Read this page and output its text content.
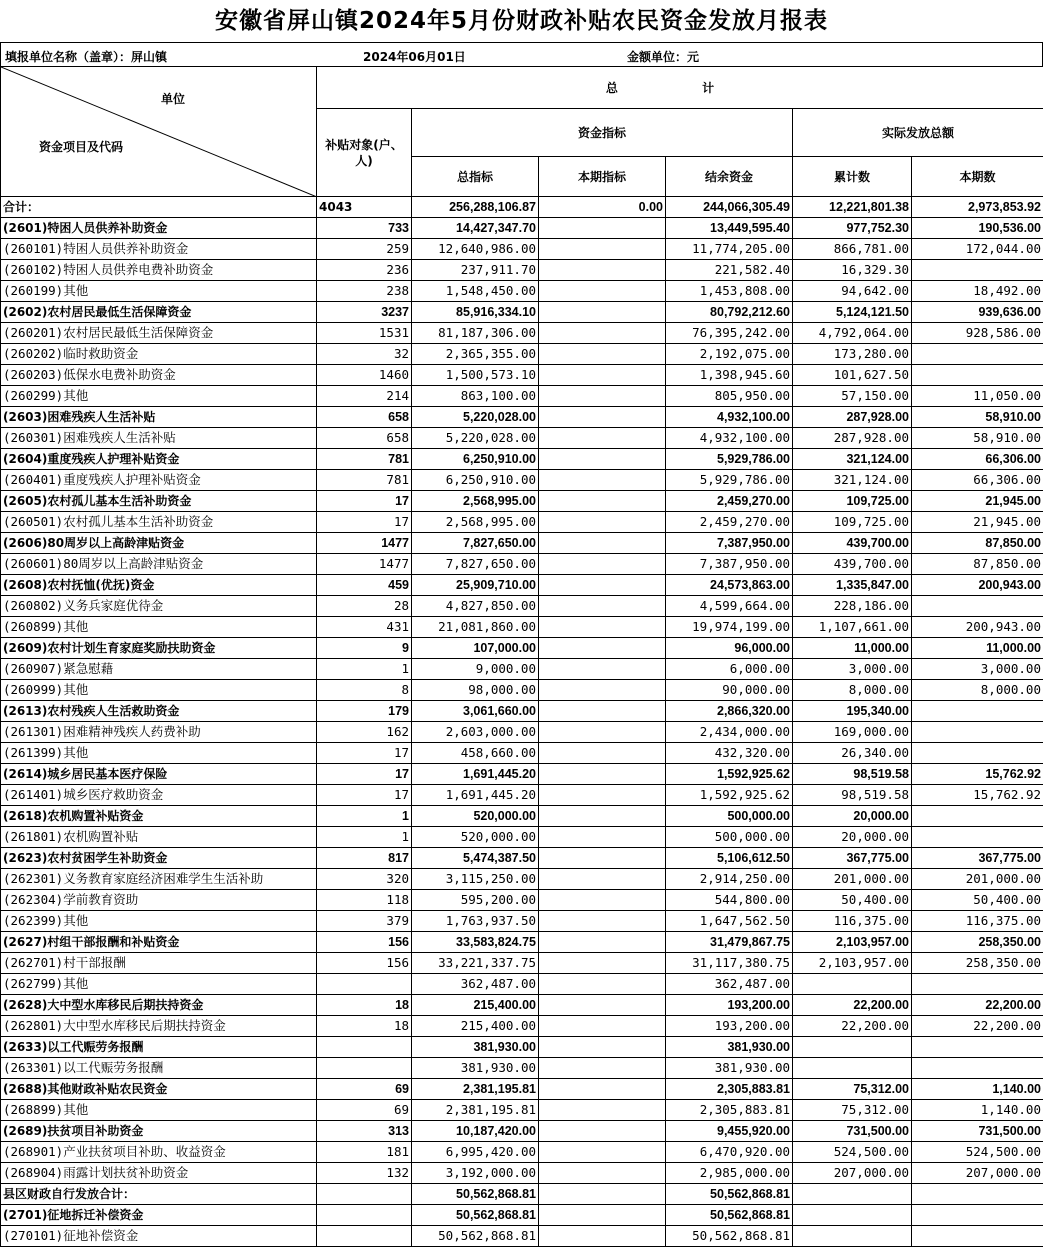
安徽省屏山镇2024年5月份财政补贴农民资金发放月报表
填报单位名称（盖章）：屏山镇	2024年06月01日	金额单位：元
单位
资金项目及代码	总 计					
	补贴对象(户、人)	资金指标			实际发放总额	
		总指标	本期指标	结余资金	累计数	本期数
合计：	4043	256,288,106.87	0.00	244,066,305.49	12,221,801.38	2,973,853.92
(2601)特困人员供养补助资金	733	14,427,347.70		13,449,595.40	977,752.30	190,536.00
(260101)特困人员供养补助资金	259	12,640,986.00		11,774,205.00	866,781.00	172,044.00
(260102)特困人员供养电费补助资金	236	237,911.70		221,582.40	16,329.30	
(260199)其他	238	1,548,450.00		1,453,808.00	94,642.00	18,492.00
(2602)农村居民最低生活保障资金	3237	85,916,334.10		80,792,212.60	5,124,121.50	939,636.00
(260201)农村居民最低生活保障资金	1531	81,187,306.00		76,395,242.00	4,792,064.00	928,586.00
(260202)临时救助资金	32	2,365,355.00		2,192,075.00	173,280.00	
(260203)低保水电费补助资金	1460	1,500,573.10		1,398,945.60	101,627.50	
(260299)其他	214	863,100.00		805,950.00	57,150.00	11,050.00
(2603)困难残疾人生活补贴	658	5,220,028.00		4,932,100.00	287,928.00	58,910.00
(260301)困难残疾人生活补贴	658	5,220,028.00		4,932,100.00	287,928.00	58,910.00
(2604)重度残疾人护理补贴资金	781	6,250,910.00		5,929,786.00	321,124.00	66,306.00
(260401)重度残疾人护理补贴资金	781	6,250,910.00		5,929,786.00	321,124.00	66,306.00
(2605)农村孤儿基本生活补助资金	17	2,568,995.00		2,459,270.00	109,725.00	21,945.00
(260501)农村孤儿基本生活补助资金	17	2,568,995.00		2,459,270.00	109,725.00	21,945.00
(2606)80周岁以上高龄津贴资金	1477	7,827,650.00		7,387,950.00	439,700.00	87,850.00
(260601)80周岁以上高龄津贴资金	1477	7,827,650.00		7,387,950.00	439,700.00	87,850.00
(2608)农村抚恤(优抚)资金	459	25,909,710.00		24,573,863.00	1,335,847.00	200,943.00
(260802)义务兵家庭优待金	28	4,827,850.00		4,599,664.00	228,186.00	
(260899)其他	431	21,081,860.00		19,974,199.00	1,107,661.00	200,943.00
(2609)农村计划生育家庭奖励扶助资金	9	107,000.00		96,000.00	11,000.00	11,000.00
(260907)紧急慰藉	1	9,000.00		6,000.00	3,000.00	3,000.00
(260999)其他	8	98,000.00		90,000.00	8,000.00	8,000.00
(2613)农村残疾人生活救助资金	179	3,061,660.00		2,866,320.00	195,340.00	
(261301)困难精神残疾人药费补助	162	2,603,000.00		2,434,000.00	169,000.00	
(261399)其他	17	458,660.00		432,320.00	26,340.00	
(2614)城乡居民基本医疗保险	17	1,691,445.20		1,592,925.62	98,519.58	15,762.92
(261401)城乡医疗救助资金	17	1,691,445.20		1,592,925.62	98,519.58	15,762.92
(2618)农机购置补贴资金	1	520,000.00		500,000.00	20,000.00	
(261801)农机购置补贴	1	520,000.00		500,000.00	20,000.00	
(2623)农村贫困学生补助资金	817	5,474,387.50		5,106,612.50	367,775.00	367,775.00
(262301)义务教育家庭经济困难学生生活补助	320	3,115,250.00		2,914,250.00	201,000.00	201,000.00
(262304)学前教育资助	118	595,200.00		544,800.00	50,400.00	50,400.00
(262399)其他	379	1,763,937.50		1,647,562.50	116,375.00	116,375.00
(2627)村组干部报酬和补贴资金	156	33,583,824.75		31,479,867.75	2,103,957.00	258,350.00
(262701)村干部报酬	156	33,221,337.75		31,117,380.75	2,103,957.00	258,350.00
(262799)其他		362,487.00		362,487.00		
(2628)大中型水库移民后期扶持资金	18	215,400.00		193,200.00	22,200.00	22,200.00
(262801)大中型水库移民后期扶持资金	18	215,400.00		193,200.00	22,200.00	22,200.00
(2633)以工代赈劳务报酬		381,930.00		381,930.00		
(263301)以工代赈劳务报酬		381,930.00		381,930.00		
(2688)其他财政补贴农民资金	69	2,381,195.81		2,305,883.81	75,312.00	1,140.00
(268899)其他	69	2,381,195.81		2,305,883.81	75,312.00	1,140.00
(2689)扶贫项目补助资金	313	10,187,420.00		9,455,920.00	731,500.00	731,500.00
(268901)产业扶贫项目补助、收益资金	181	6,995,420.00		6,470,920.00	524,500.00	524,500.00
(268904)雨露计划扶贫补助资金	132	3,192,000.00		2,985,000.00	207,000.00	207,000.00
县区财政自行发放合计：		50,562,868.81		50,562,868.81		
(2701)征地拆迁补偿资金		50,562,868.81		50,562,868.81		
(270101)征地补偿资金		50,562,868.81		50,562,868.81		
